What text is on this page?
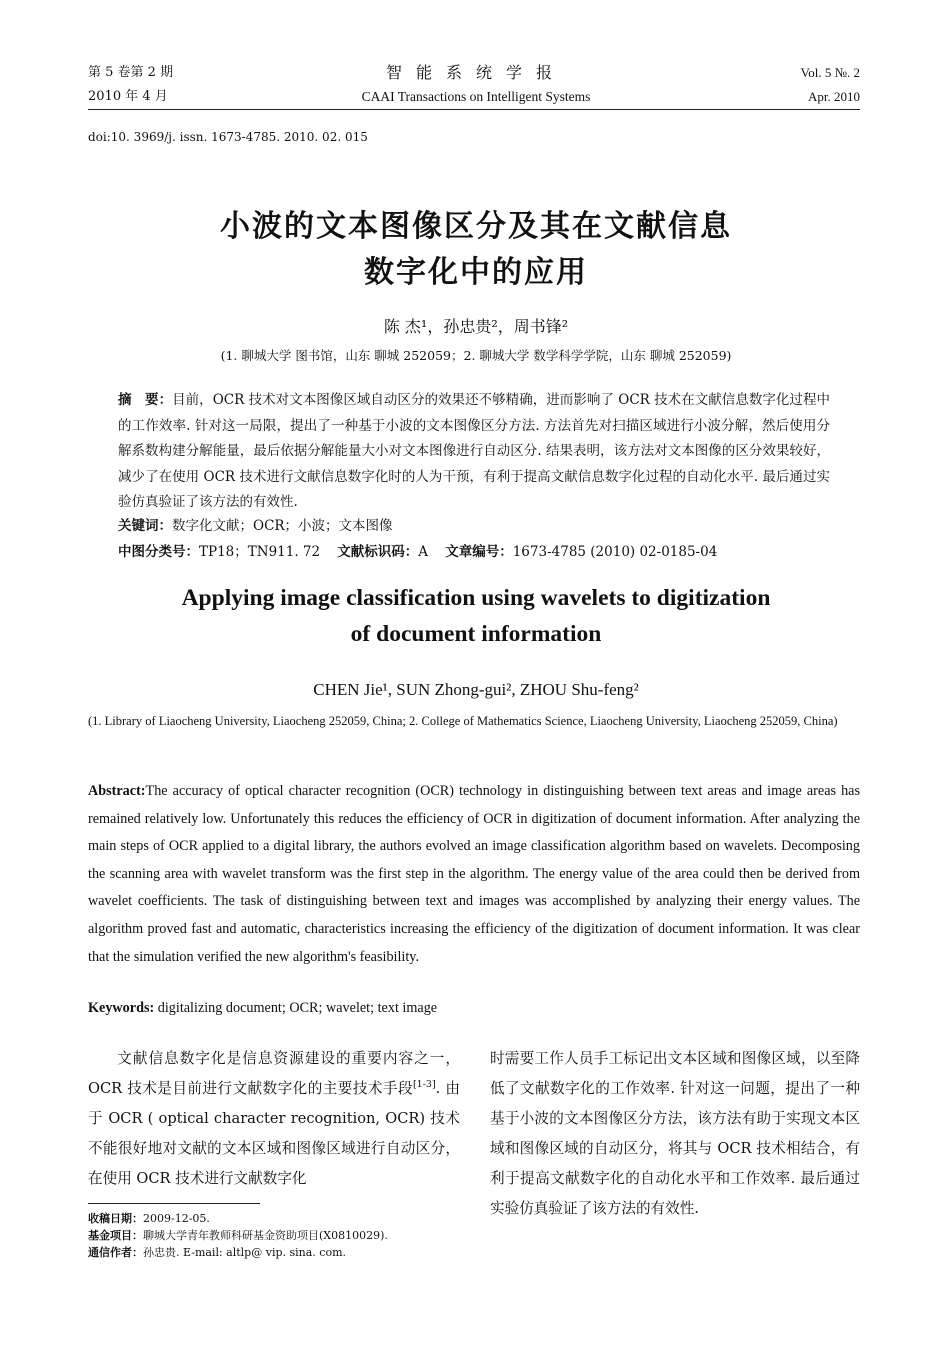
第 5 卷第 2 期
2010 年 4 月
智能系统学报
CAAI Transactions on Intelligent Systems
Vol. 5 №. 2
Apr. 2010
doi:10. 3969/j. issn. 1673-4785. 2010. 02. 015
小波的文本图像区分及其在文献信息
数字化中的应用
陈 杰¹，孙忠贵²，周书锋²
(1. 聊城大学 图书馆，山东 聊城 252059；2. 聊城大学 数学科学学院，山东 聊城 252059)
摘　要：目前，OCR 技术对文本图像区域自动区分的效果还不够精确，进而影响了 OCR 技术在文献信息数字化过程中的工作效率. 针对这一局限，提出了一种基于小波的文本图像区分方法. 方法首先对扫描区域进行小波分解，然后使用分解系数构建分解能量，最后依据分解能量大小对文本图像进行自动区分. 结果表明，该方法对文本图像的区分效果较好，减少了在使用 OCR 技术进行文献信息数字化时的人为干预，有利于提高文献信息数字化过程的自动化水平. 最后通过实验仿真验证了该方法的有效性.
关键词：数字化文献；OCR；小波；文本图像
中图分类号：TP18；TN911. 72 文献标识码：A 文章编号：1673-4785 (2010) 02-0185-04
Applying image classification using wavelets to digitization
of document information
CHEN Jie¹, SUN Zhong-gui², ZHOU Shu-feng²
(1. Library of Liaocheng University, Liaocheng 252059, China; 2. College of Mathematics Science, Liaocheng University, Liaocheng 252059, China)
Abstract:The accuracy of optical character recognition (OCR) technology in distinguishing between text areas and image areas has remained relatively low. Unfortunately this reduces the efficiency of OCR in digitization of document information. After analyzing the main steps of OCR applied to a digital library, the authors evolved an image classification algorithm based on wavelets. Decomposing the scanning area with wavelet transform was the first step in the algorithm. The energy value of the area could then be derived from wavelet coefficients. The task of distinguishing between text and images was accomplished by analyzing their energy values. The algorithm proved fast and automatic, characteristics increasing the efficiency of the digitization of document information. It was clear that the simulation verified the new algorithm's feasibility.
Keywords: digitalizing document; OCR; wavelet; text image
文献信息数字化是信息资源建设的重要内容之一，OCR 技术是目前进行文献数字化的主要技术手段[1-3]. 由于 OCR ( optical character recognition, OCR) 技术不能很好地对文献的文本区域和图像区域进行自动区分，在使用 OCR 技术进行文献数字化
时需要工作人员手工标记出文本区域和图像区域，以至降低了文献数字化的工作效率. 针对这一问题，提出了一种基于小波的文本图像区分方法，该方法有助于实现文本区域和图像区域的自动区分，将其与 OCR 技术相结合，有利于提高文献数字化的自动化水平和工作效率. 最后通过实验仿真验证了该方法的有效性.
收稿日期：2009-12-05.
基金项目：聊城大学青年教师科研基金资助项目(X0810029).
通信作者：孙忠贵. E-mail: altlp@ vip. sina. com.
